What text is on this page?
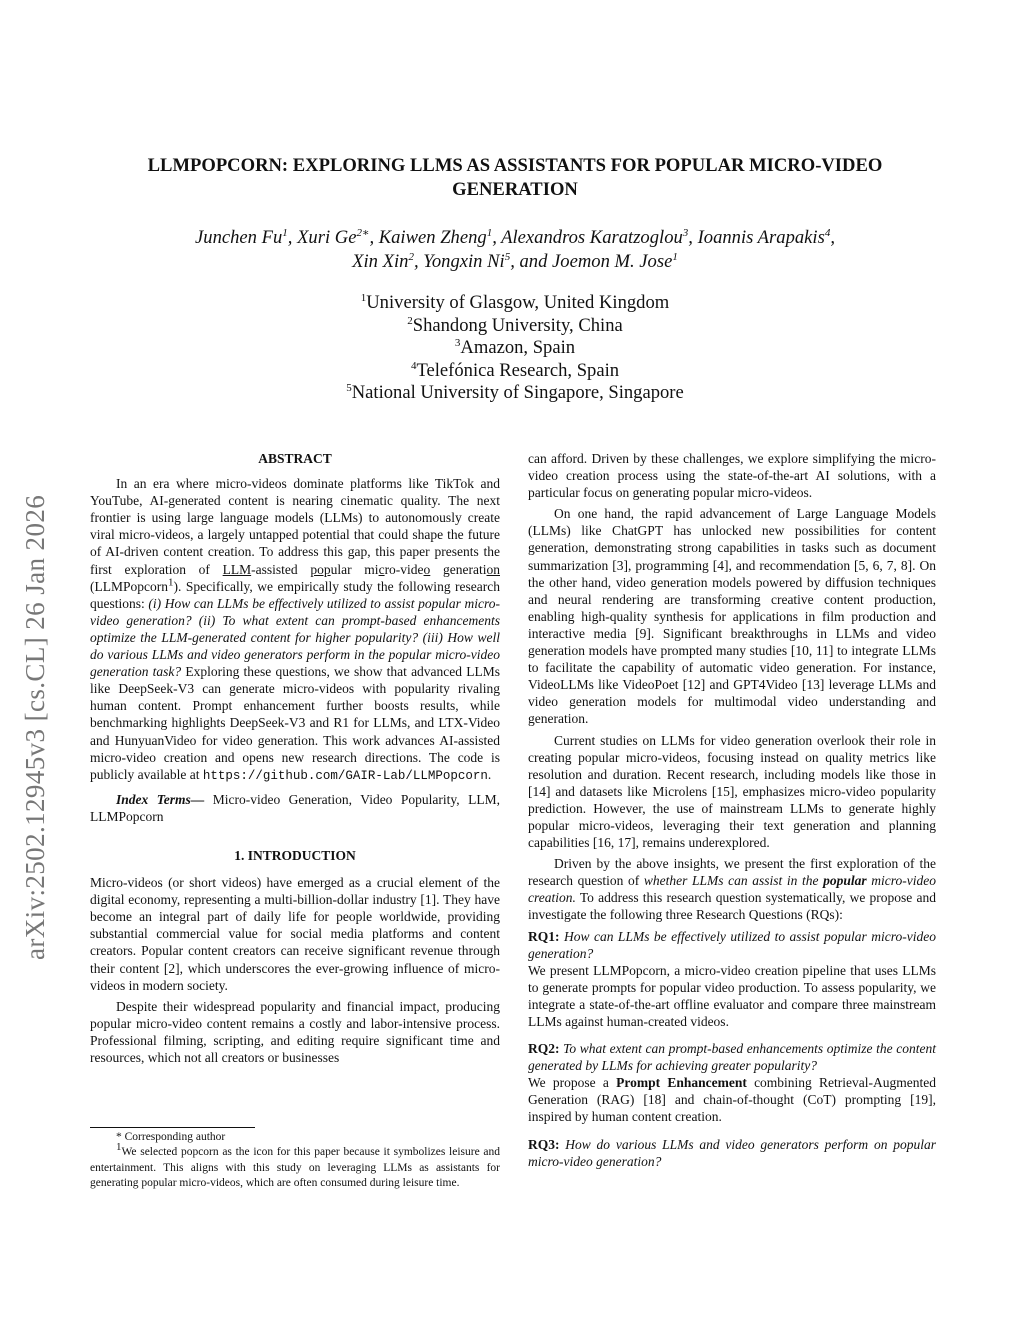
arXiv:2502.12945v3 [cs.CL] 26 Jan 2026
LLMPOPCORN: EXPLORING LLMS AS ASSISTANTS FOR POPULAR MICRO-VIDEO GENERATION
Junchen Fu$^1$, Xuri $Ge^{2∗}$, Kaiwen Zheng$^1$, Alexandros Karatzoglou$^3$, Ioannis Arapakis$^4$,
Xin Xin$^2$, Yongxin Ni$^5$, and Joemon M. Jose$^1$
$^1$University of Glasgow, United Kingdom
$^2$Shandong University, China
$^3$Amazon, Spain
$^4$Telefónica Research, Spain
$^5$National University of Singapore, Singapore
ABSTRACT

In an era where micro-videos dominate platforms like TikTok and YouTube, AI-generated content is nearing cinematic quality. The next frontier is using large language models (LLMs) to autonomously create viral micro-videos, a largely untapped potential that could shape the future of AI-driven content creation. To address this gap, this paper presents the first exploration of LLM-assisted popular micro-video generation (LLMPopcorn$^1$). Specifically, we empirically study the following research questions: (i) How can LLMs be effectively utilized to assist popular micro-video generation? (ii) To what extent can prompt-based enhancements optimize the LLM-generated content for higher popularity? (iii) How well do various LLMs and video generators perform in the popular micro-video generation task? Exploring these questions, we show that advanced LLMs like DeepSeek-V3 can generate micro-videos with popularity rivaling human content. Prompt enhancement further boosts results, while benchmarking highlights DeepSeek-V3 and R1 for LLMs, and LTX-Video and HunyuanVideo for video generation. This work advances AI-assisted micro-video creation and opens new research directions. The code is publicly available at https://github.com/GAIR-Lab/LLMPopcorn.

Index Terms— Micro-video Generation, Video Popularity, LLM, LLMPopcorn

1. INTRODUCTION

Micro-videos (or short videos) have emerged as a crucial element of the digital economy, representing a multi-billion-dollar industry [1]. They have become an integral part of daily life for people worldwide, providing substantial commercial value for social media platforms and content creators. Popular content creators can receive significant revenue through their content [2], which underscores the ever-growing influence of micro-videos in modern society.

Despite their widespread popularity and financial impact, producing popular micro-video content remains a costly and labor-intensive process. Professional filming, scripting, and editing require significant time and resources, which not all creators or businesses

* Corresponding author

$^1$We selected popcorn as the icon for this paper because it symbolizes leisure and entertainment. This aligns with this study on leveraging LLMs as assistants for generating popular micro-videos, which are often consumed during leisure time.

can afford. Driven by these challenges, we explore simplifying the micro-video creation process using the state-of-the-art AI solutions, with a particular focus on generating popular micro-videos.

On one hand, the rapid advancement of Large Language Models (LLMs) like ChatGPT has unlocked new possibilities for content generation, demonstrating strong capabilities in tasks such as document summarization [3], programming [4], and recommendation [5, 6, 7, 8]. On the other hand, video generation models powered by diffusion techniques and neural rendering are transforming creative content production, enabling high-quality synthesis for applications in film production and interactive media [9]. Significant breakthroughs in LLMs and video generation models have prompted many studies [10, 11] to integrate LLMs to facilitate the capability of automatic video generation. For instance, VideoLLMs like VideoPoet [12] and GPT4Video [13] leverage LLMs and video generation models for multimodal video understanding and generation.

Current studies on LLMs for video generation overlook their role in creating popular micro-videos, focusing instead on quality metrics like resolution and duration. Recent research, including models like those in [14] and datasets like Microlens [15], emphasizes micro-video popularity prediction. However, the use of mainstream LLMs to generate highly popular micro-videos, leveraging their text generation and planning capabilities [16, 17], remains underexplored.

Driven by the above insights, we present the first exploration of the research question of whether LLMs can assist in the popular micro-video creation. To address this research question systematically, we propose and investigate the following three Research Questions (RQs):

RQ1: How can LLMs be effectively utilized to assist popular micro-video generation?

We present LLMPopcorn, a micro-video creation pipeline that uses LLMs to generate prompts for popular video production. To assess popularity, we integrate a state-of-the-art offline evaluator and compare three mainstream LLMs against human-created videos.

RQ2: To what extent can prompt-based enhancements optimize the content generated by LLMs for achieving greater popularity?

We propose a Prompt Enhancement combining Retrieval-Augmented Generation (RAG) [18] and chain-of-thought (CoT) prompting [19], inspired by human content creation.

RQ3: How do various LLMs and video generators perform on popular micro-video generation?
